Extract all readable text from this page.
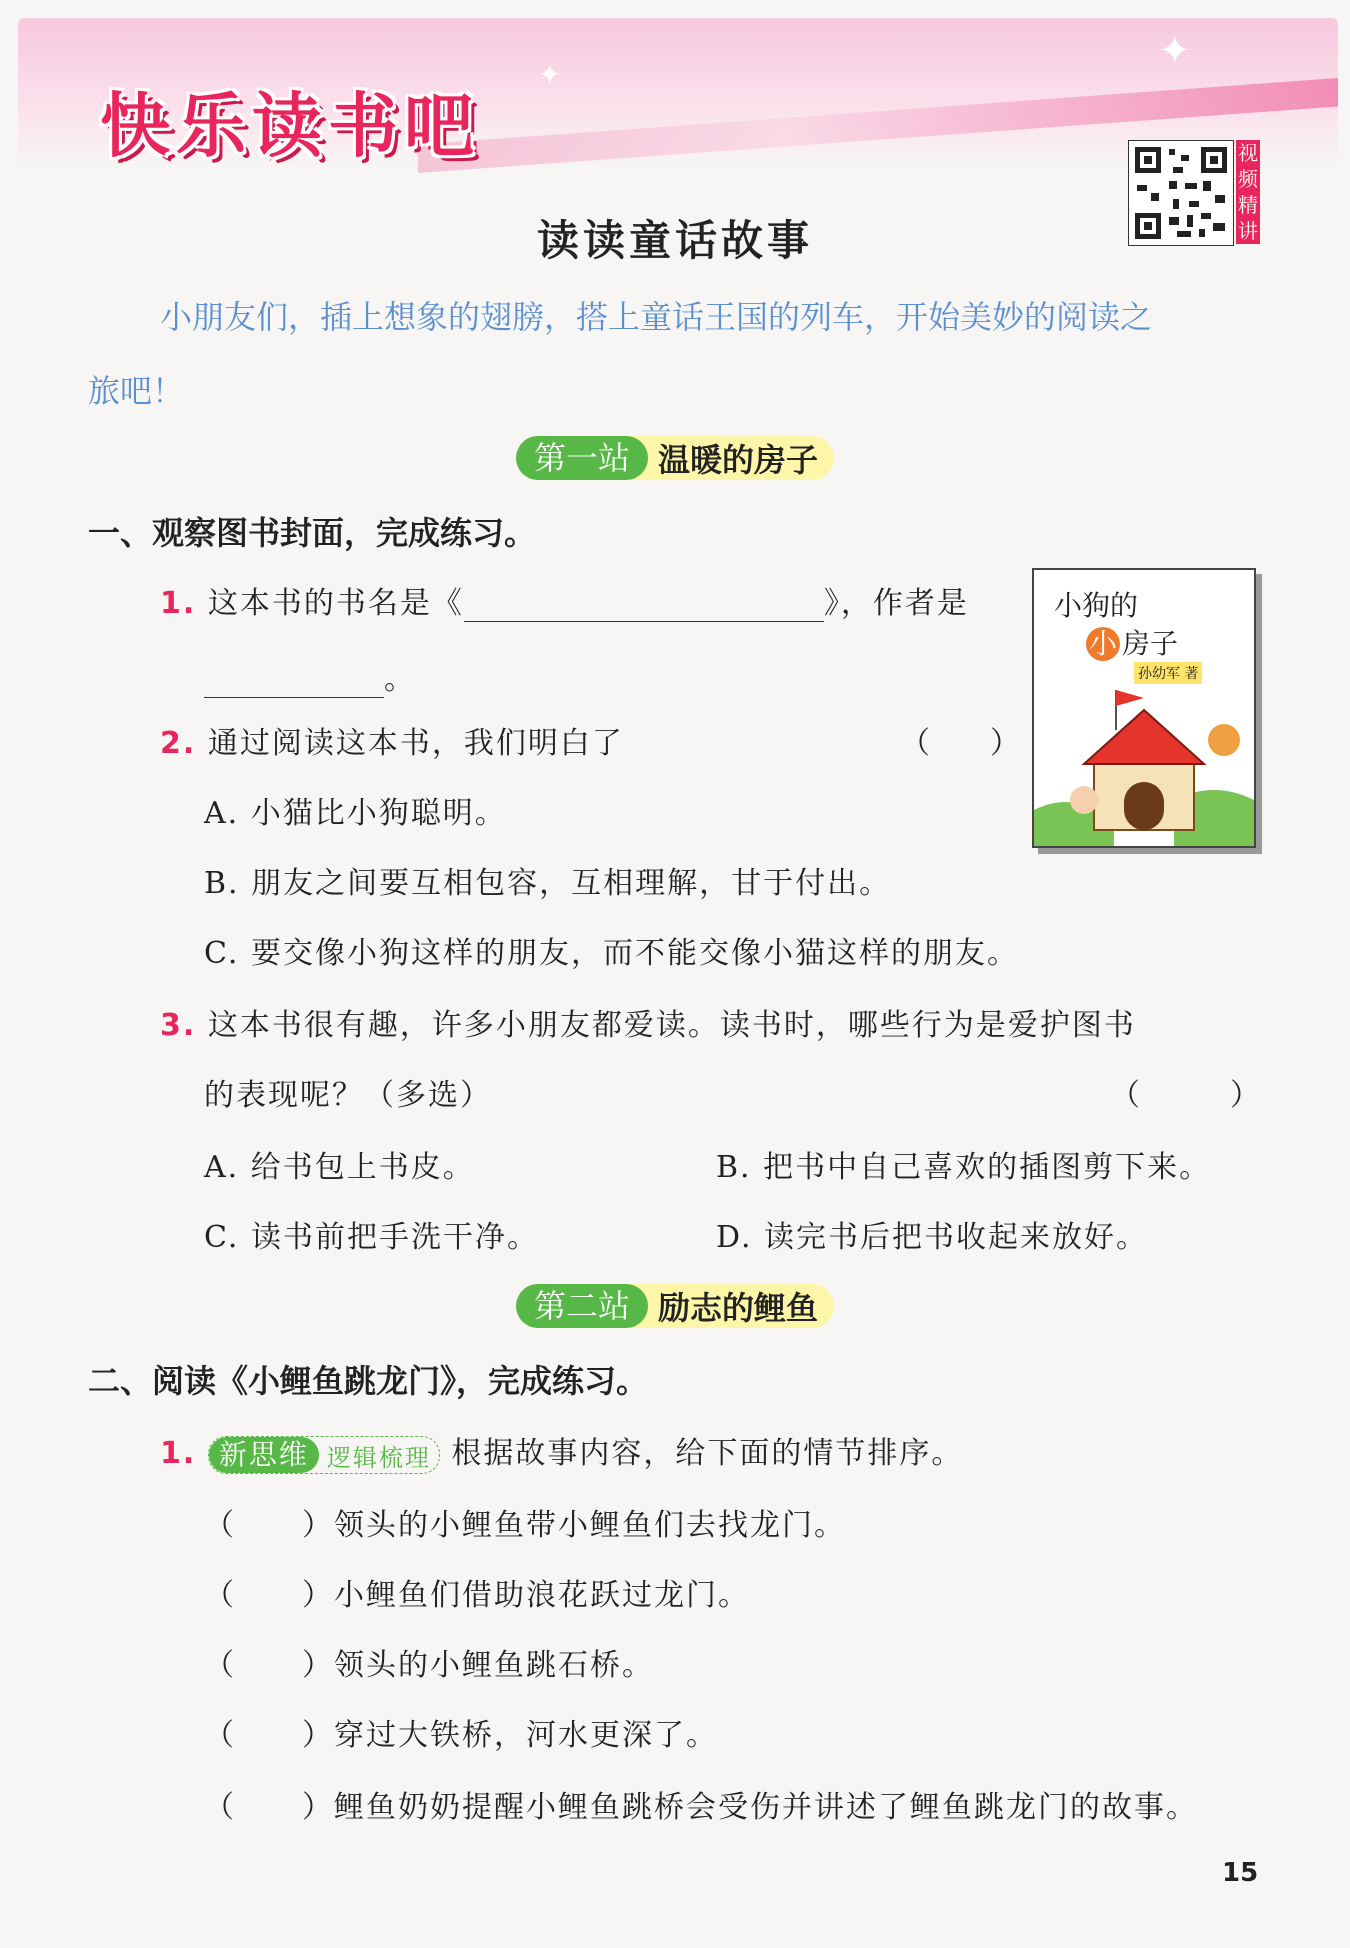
✦
✦
快乐读书吧	视频精讲
读读童话故事
小朋友们，插上想象的翅膀，搭上童话王国的列车，开始美妙的阅读之
旅吧！
第一站 温暖的房子
一、观察图书封面，完成练习。
1. 这本书的书名是《	》，作者是
。
小狗的
小 房子
孙幼军 著
2. 通过阅读这本书，我们明白了	（　　）
A. 小猫比小狗聪明。
B. 朋友之间要互相包容，互相理解，甘于付出。
C. 要交像小狗这样的朋友，而不能交像小猫这样的朋友。
3. 这本书很有趣，许多小朋友都爱读。读书时，哪些行为是爱护图书
的表现呢？（多选）	（　　　）
A. 给书包上书皮。	B. 把书中自己喜欢的插图剪下来。
C. 读书前把手洗干净。	D. 读完书后把书收起来放好。
第二站 励志的鲤鱼
二、阅读《小鲤鱼跳龙门》，完成练习。
1. 新思维 逻辑梳理 根据故事内容，给下面的情节排序。
（ ）领头的小鲤鱼带小鲤鱼们去找龙门。
（ ）小鲤鱼们借助浪花跃过龙门。
（ ）领头的小鲤鱼跳石桥。
（ ）穿过大铁桥，河水更深了。
（ ）鲤鱼奶奶提醒小鲤鱼跳桥会受伤并讲述了鲤鱼跳龙门的故事。
15
